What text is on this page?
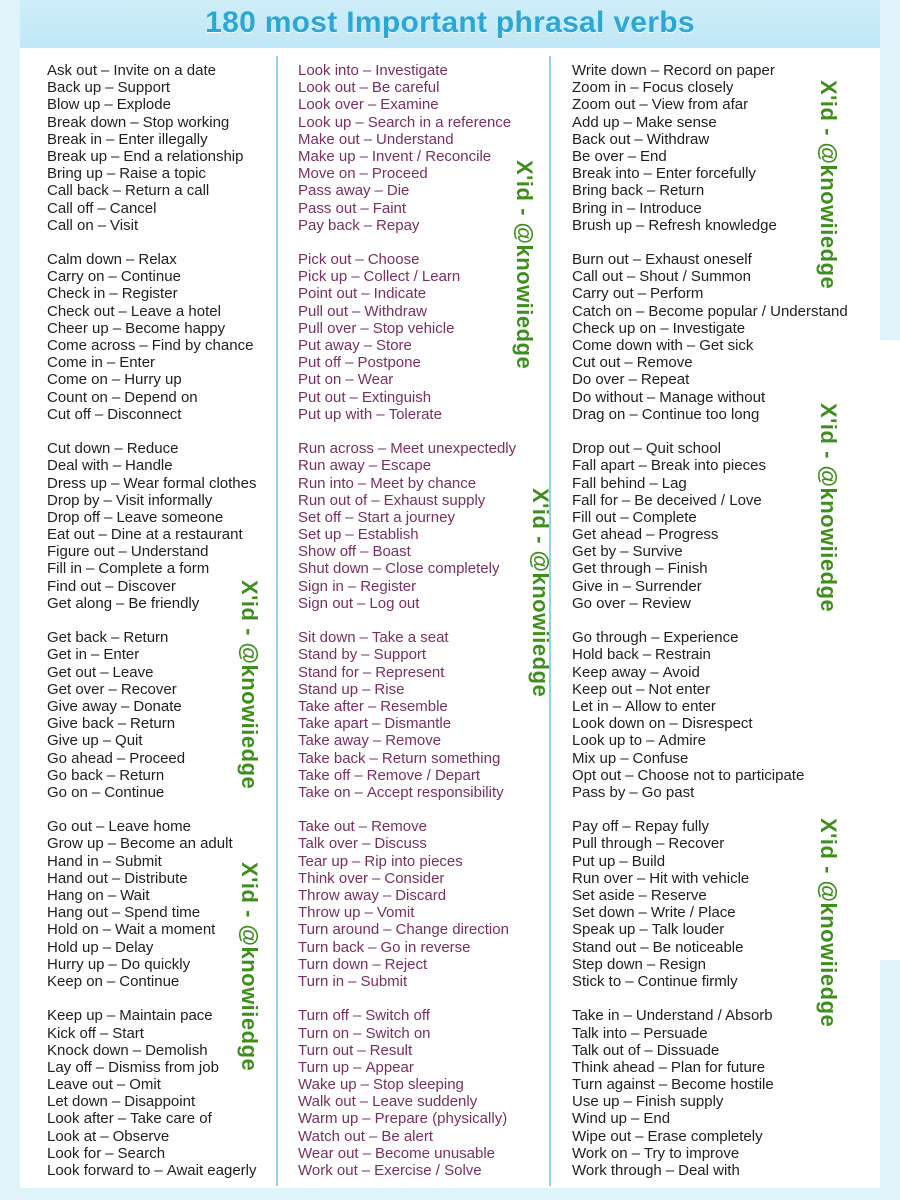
180 most Important phrasal verbs
Ask out – Invite on a date
Back up – Support
Blow up – Explode
Break down – Stop working
Break in – Enter illegally
Break up – End a relationship
Bring up – Raise a topic
Call back – Return a call
Call off – Cancel
Call on – Visit
Calm down – Relax
Carry on – Continue
Check in – Register
Check out – Leave a hotel
Cheer up – Become happy
Come across – Find by chance
Come in – Enter
Come on – Hurry up
Count on – Depend on
Cut off – Disconnect
Cut down – Reduce
Deal with – Handle
Dress up – Wear formal clothes
Drop by – Visit informally
Drop off – Leave someone
Eat out – Dine at a restaurant
Figure out – Understand
Fill in – Complete a form
Find out – Discover
Get along – Be friendly
Get back – Return
Get in – Enter
Get out – Leave
Get over – Recover
Give away – Donate
Give back – Return
Give up – Quit
Go ahead – Proceed
Go back – Return
Go on – Continue
Go out – Leave home
Grow up – Become an adult
Hand in – Submit
Hand out – Distribute
Hang on – Wait
Hang out – Spend time
Hold on – Wait a moment
Hold up – Delay
Hurry up – Do quickly
Keep on – Continue
Keep up – Maintain pace
Kick off – Start
Knock down – Demolish
Lay off – Dismiss from job
Leave out – Omit
Let down – Disappoint
Look after – Take care of
Look at – Observe
Look for – Search
Look forward to – Await eagerly
Look into – Investigate
Look out – Be careful
Look over – Examine
Look up – Search in a reference
Make out – Understand
Make up – Invent / Reconcile
Move on – Proceed
Pass away – Die
Pass out – Faint
Pay back – Repay
Pick out – Choose
Pick up – Collect / Learn
Point out – Indicate
Pull out – Withdraw
Pull over – Stop vehicle
Put away – Store
Put off – Postpone
Put on – Wear
Put out – Extinguish
Put up with – Tolerate
Run across – Meet unexpectedly
Run away – Escape
Run into – Meet by chance
Run out of – Exhaust supply
Set off – Start a journey
Set up – Establish
Show off – Boast
Shut down – Close completely
Sign in – Register
Sign out – Log out
Sit down – Take a seat
Stand by – Support
Stand for – Represent
Stand up – Rise
Take after – Resemble
Take apart – Dismantle
Take away – Remove
Take back – Return something
Take off – Remove / Depart
Take on – Accept responsibility
Take out – Remove
Talk over – Discuss
Tear up – Rip into pieces
Think over – Consider
Throw away – Discard
Throw up – Vomit
Turn around – Change direction
Turn back – Go in reverse
Turn down – Reject
Turn in – Submit
Turn off – Switch off
Turn on – Switch on
Turn out – Result
Turn up – Appear
Wake up – Stop sleeping
Walk out – Leave suddenly
Warm up – Prepare (physically)
Watch out – Be alert
Wear out – Become unusable
Work out – Exercise / Solve
Write down – Record on paper
Zoom in – Focus closely
Zoom out – View from afar
Add up – Make sense
Back out – Withdraw
Be over – End
Break into – Enter forcefully
Bring back – Return
Bring in – Introduce
Brush up – Refresh knowledge
Burn out – Exhaust oneself
Call out – Shout / Summon
Carry out – Perform
Catch on – Become popular / Understand
Check up on – Investigate
Come down with – Get sick
Cut out – Remove
Do over – Repeat
Do without – Manage without
Drag on – Continue too long
Drop out – Quit school
Fall apart – Break into pieces
Fall behind – Lag
Fall for – Be deceived / Love
Fill out – Complete
Get ahead – Progress
Get by – Survive
Get through – Finish
Give in – Surrender
Go over – Review
Go through – Experience
Hold back – Restrain
Keep away – Avoid
Keep out – Not enter
Let in – Allow to enter
Look down on – Disrespect
Look up to – Admire
Mix up – Confuse
Opt out – Choose not to participate
Pass by – Go past
Pay off – Repay fully
Pull through – Recover
Put up – Build
Run over – Hit with vehicle
Set aside – Reserve
Set down – Write / Place
Speak up – Talk louder
Stand out – Be noticeable
Step down – Resign
Stick to – Continue firmly
Take in – Understand / Absorb
Talk into – Persuade
Talk out of – Dissuade
Think ahead – Plan for future
Turn against – Become hostile
Use up – Finish supply
Wind up – End
Wipe out – Erase completely
Work on – Try to improve
Work through – Deal with
X'id - @knowiiedge
X'id - @knowiiedge
X'id - @knowiiedge
X'id - @knowiiedge
X'id - @knowiiedge
X'id - @knowiiedge
X'id - @knowiiedge
